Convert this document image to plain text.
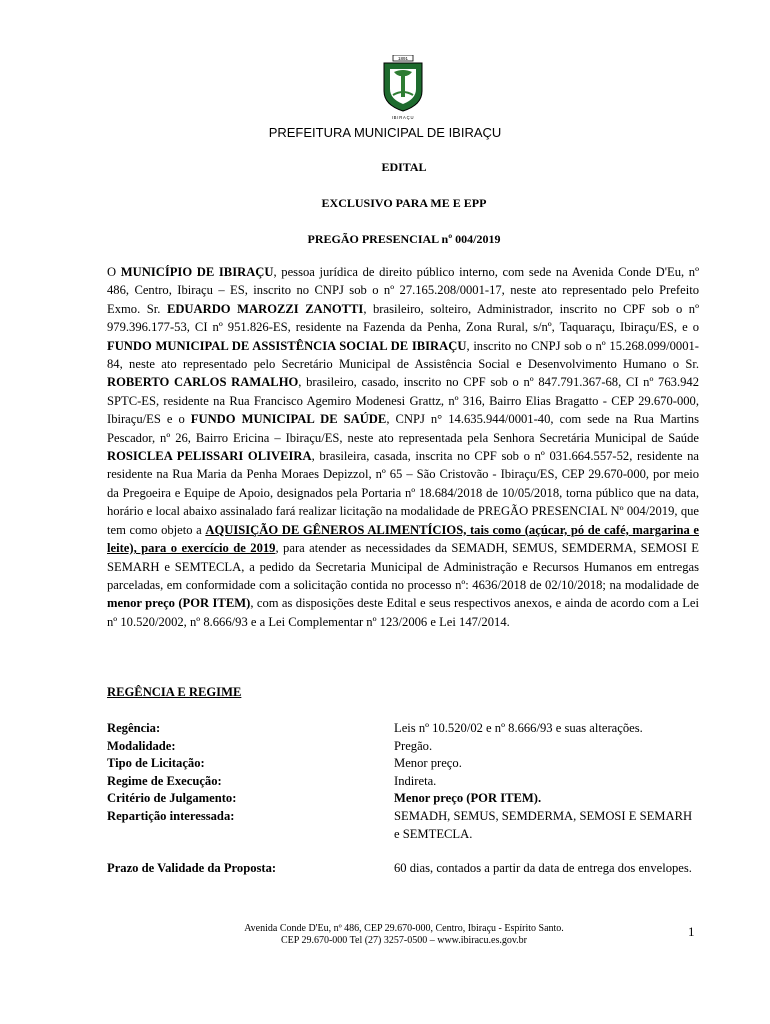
1891
IBIRAÇU
PREFEITURA MUNICIPAL DE IBIRAÇU
EDITAL
EXCLUSIVO PARA ME E EPP
PREGÃO PRESENCIAL nº 004/2019
O MUNICÍPIO DE IBIRAÇU, pessoa jurídica de direito público interno, com sede na Avenida Conde D'Eu, nº 486, Centro, Ibiraçu – ES, inscrito no CNPJ sob o nº 27.165.208/0001-17, neste ato representado pelo Prefeito Exmo. Sr. EDUARDO MAROZZI ZANOTTI, brasileiro, solteiro, Administrador, inscrito no CPF sob o nº 979.396.177-53, CI nº 951.826-ES, residente na Fazenda da Penha, Zona Rural, s/nº, Taquaraçu, Ibiraçu/ES, e o FUNDO MUNICIPAL DE ASSISTÊNCIA SOCIAL DE IBIRAÇU, inscrito no CNPJ sob o nº 15.268.099/0001-84, neste ato representado pelo Secretário Municipal de Assistência Social e Desenvolvimento Humano o Sr. ROBERTO CARLOS RAMALHO, brasileiro, casado, inscrito no CPF sob o nº 847.791.367-68, CI nº 763.942 SPTC-ES, residente na Rua Francisco Agemiro Modenesi Grattz, nº 316, Bairro Elias Bragatto - CEP 29.670-000, Ibiraçu/ES e o FUNDO MUNICIPAL DE SAÚDE, CNPJ n° 14.635.944/0001-40, com sede na Rua Martins Pescador, nº 26, Bairro Ericina – Ibiraçu/ES, neste ato representada pela Senhora Secretária Municipal de Saúde ROSICLEA PELISSARI OLIVEIRA, brasileira, casada, inscrita no CPF sob o nº 031.664.557-52, residente na residente na Rua Maria da Penha Moraes Depizzol, nº 65 – São Cristovão - Ibiraçu/ES, CEP 29.670-000, por meio da Pregoeira e Equipe de Apoio, designados pela Portaria nº 18.684/2018 de 10/05/2018, torna público que na data, horário e local abaixo assinalado fará realizar licitação na modalidade de PREGÃO PRESENCIAL Nº 004/2019, que tem como objeto a AQUISIÇÃO DE GÊNEROS ALIMENTÍCIOS, tais como (açúcar, pó de café, margarina e leite), para o exercício de 2019, para atender as necessidades da SEMADH, SEMUS, SEMDERMA, SEMOSI E SEMARH e SEMTECLA, a pedido da Secretaria Municipal de Administração e Recursos Humanos em entregas parceladas, em conformidade com a solicitação contida no processo nº: 4636/2018 de 02/10/2018; na modalidade de menor preço (POR ITEM), com as disposições deste Edital e seus respectivos anexos, e ainda de acordo com a Lei nº 10.520/2002, nº 8.666/93 e a Lei Complementar nº 123/2006 e Lei 147/2014.
REGÊNCIA E REGIME
Regência:	Leis nº 10.520/02 e nº 8.666/93 e suas alterações.
Modalidade:	Pregão.
Tipo de Licitação:	Menor preço.
Regime de Execução:	Indireta.
Critério de Julgamento:	Menor preço (POR ITEM).
Repartição interessada:	SEMADH, SEMUS, SEMDERMA, SEMOSI E SEMARH e SEMTECLA.
Prazo de Validade da Proposta:	60 dias, contados a partir da data de entrega dos envelopes.
Avenida Conde D'Eu, nº 486, CEP 29.670-000, Centro, Ibiraçu - Espírito Santo.
CEP 29.670-000 Tel (27) 3257-0500 – www.ibiracu.es.gov.br
1
